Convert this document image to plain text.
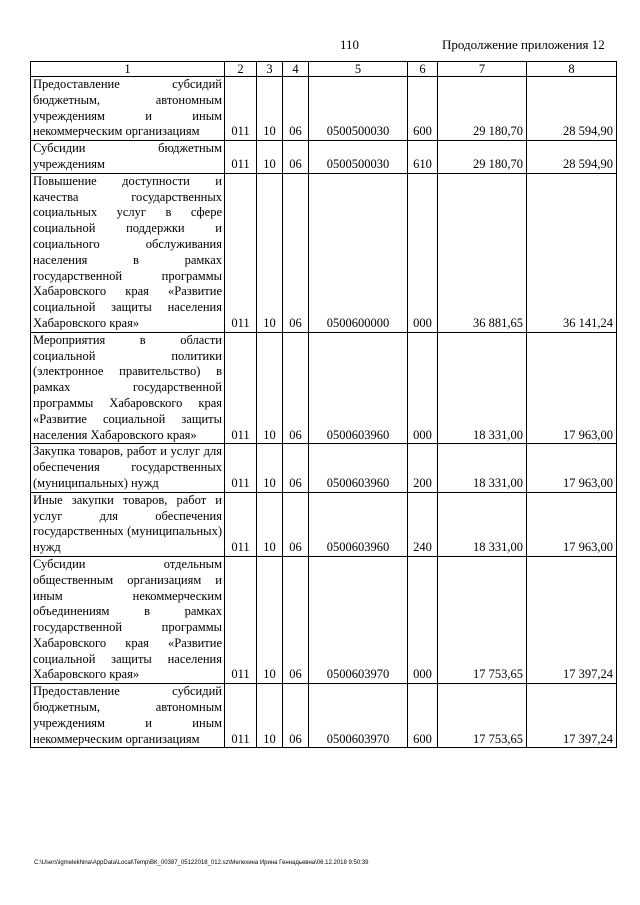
110	Продолжение приложения 12
1	2	3	4	5	6	7	8
Предоставление субсидий бюджетным, автономным учреждениям и иным некоммерческим организациям	011	10	06	0500500030	600	29 180,70	28 594,90
Субсидии бюджетным учреждениям	011	10	06	0500500030	610	29 180,70	28 594,90
Повышение доступности и качества государственных социальных услуг в сфере социальной поддержки и социального обслуживания населения в рамках государственной программы Хабаровского края «Развитие социальной защиты населения Хабаровского края»	011	10	06	0500600000	000	36 881,65	36 141,24
Мероприятия в области социальной политики (электронное правительство) в рамках государственной программы Хабаровского края «Развитие социальной защиты населения Хабаровского края»	011	10	06	0500603960	000	18 331,00	17 963,00
Закупка товаров, работ и услуг для обеспечения государственных (муниципальных) нужд	011	10	06	0500603960	200	18 331,00	17 963,00
Иные закупки товаров, работ и услуг для обеспечения государственных (муниципальных) нужд	011	10	06	0500603960	240	18 331,00	17 963,00
Субсидии отдельным общественным организациям и иным некоммерческим объединениям в рамках государственной программы Хабаровского края «Развитие социальной защиты населения Хабаровского края»	011	10	06	0500603970	000	17 753,65	17 397,24
Предоставление субсидий бюджетным, автономным учреждениям и иным некоммерческим организациям	011	10	06	0500603970	600	17 753,65	17 397,24
C:\Users\igmelekhina\AppData\Local\Temp\ВК_00387_05122018_012.sz\Мелехина Ирина Геннадьевна\06.12.2018 9:50:39
